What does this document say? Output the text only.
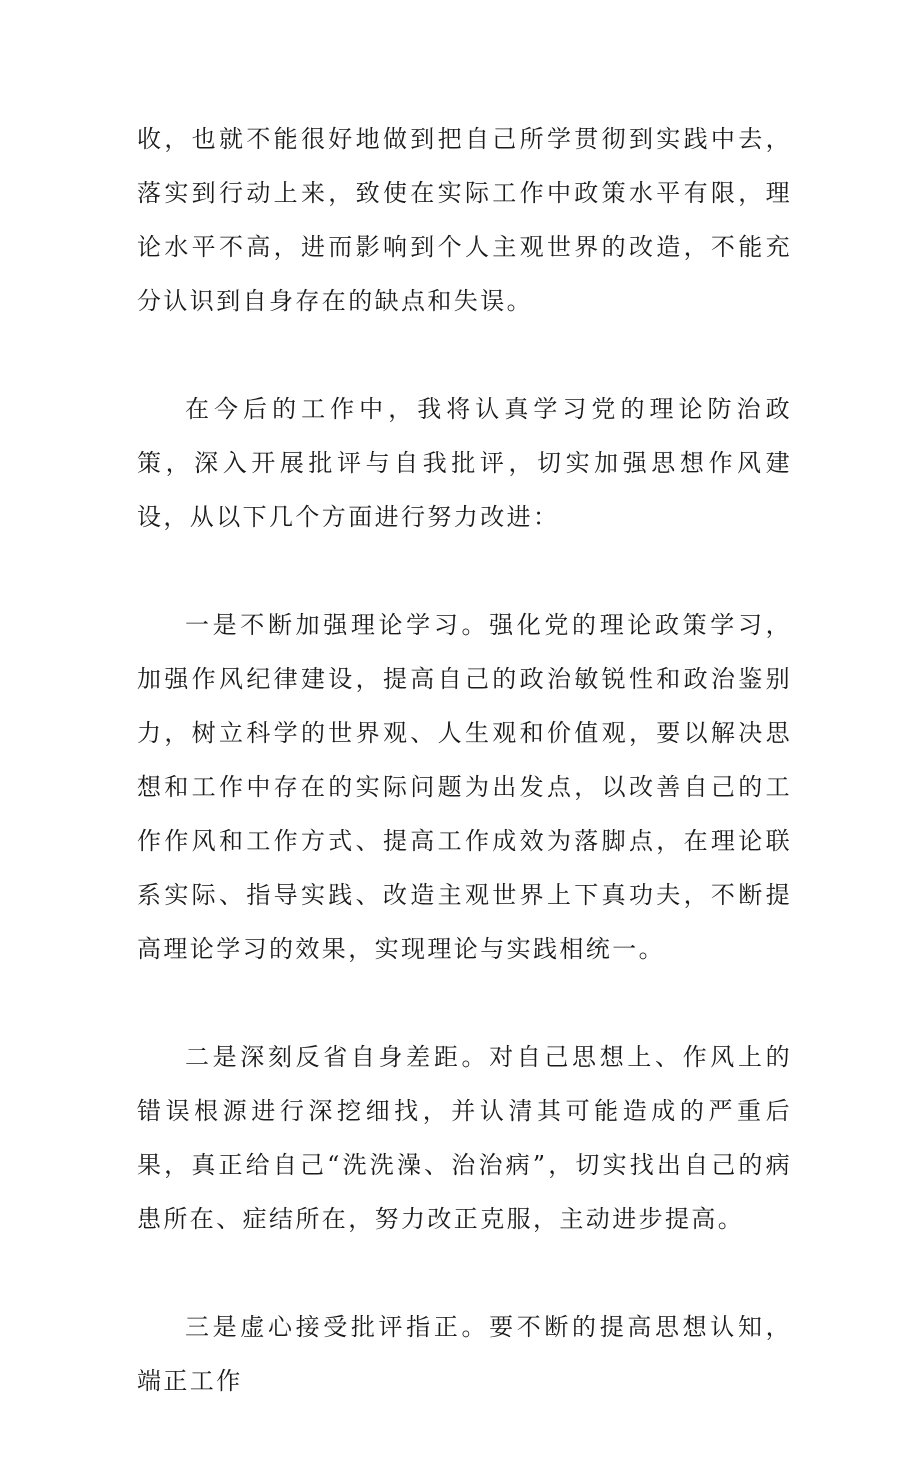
收，也就不能很好地做到把自己所学贯彻到实践中去，落实到行动上来，致使在实际工作中政策水平有限，理论水平不高，进而影响到个人主观世界的改造，不能充分认识到自身存在的缺点和失误。

在今后的工作中，我将认真学习党的理论防治政策，深入开展批评与自我批评，切实加强思想作风建设，从以下几个方面进行努力改进：

一是不断加强理论学习。强化党的理论政策学习，加强作风纪律建设，提高自己的政治敏锐性和政治鉴别力，树立科学的世界观、人生观和价值观，要以解决思想和工作中存在的实际问题为出发点，以改善自己的工作作风和工作方式、提高工作成效为落脚点，在理论联系实际、指导实践、改造主观世界上下真功夫，不断提高理论学习的效果，实现理论与实践相统一。

二是深刻反省自身差距。对自己思想上、作风上的错误根源进行深挖细找，并认清其可能造成的严重后果，真正给自己“洗洗澡、治治病”，切实找出自己的病患所在、症结所在，努力改正克服，主动进步提高。

三是虚心接受批评指正。要不断的提高思想认知，端正工作
